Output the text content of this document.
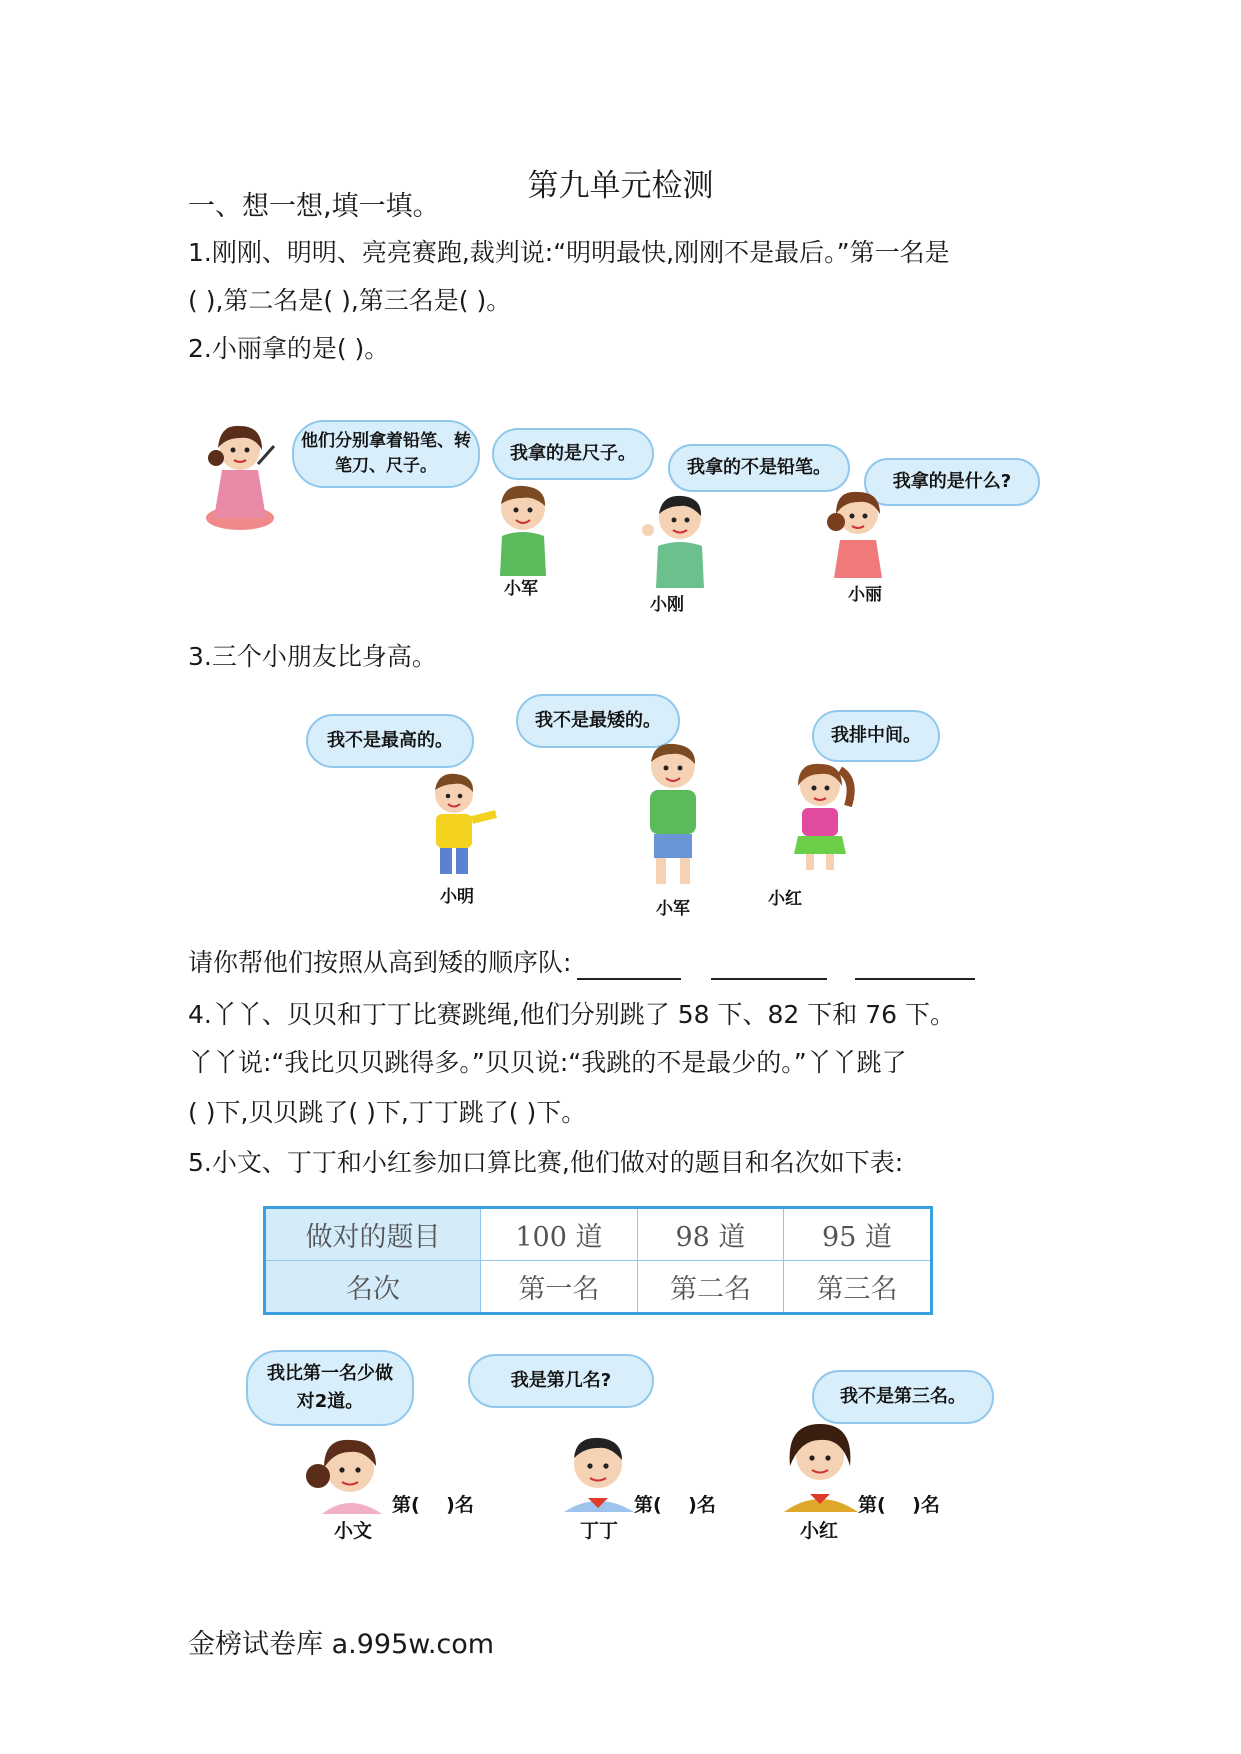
第九单元检测
一、想一想,填一填。
1.刚刚、明明、亮亮赛跑,裁判说:“明明最快,刚刚不是最后。”第一名是
( ),第二名是( ),第三名是( )。
2.小丽拿的是( )。
他们分别拿着铅笔、转笔刀、尺子。
我拿的是尺子。
我拿的不是铅笔。
我拿的是什么?
小军
小刚	小丽
3.三个小朋友比身高。
我不是最高的。
我不是最矮的。
我排中间。
小明
小军	小红
请你帮他们按照从高到矮的顺序队:
4.丫丫、贝贝和丁丁比赛跳绳,他们分别跳了 58 下、82 下和 76 下。
丫丫说:“我比贝贝跳得多。”贝贝说:“我跳的不是最少的。”丫丫跳了
( )下,贝贝跳了( )下,丁丁跳了( )下。
5.小文、丁丁和小红参加口算比赛,他们做对的题目和名次如下表:
做对的题目	100 道	98 道	95 道
名次	第一名	第二名	第三名
我比第一名少做对2道。
我是第几名?
我不是第三名。
第(    )名
小文
第(    )名
丁丁
第(    )名
小红
金榜试卷库 a.995w.com
